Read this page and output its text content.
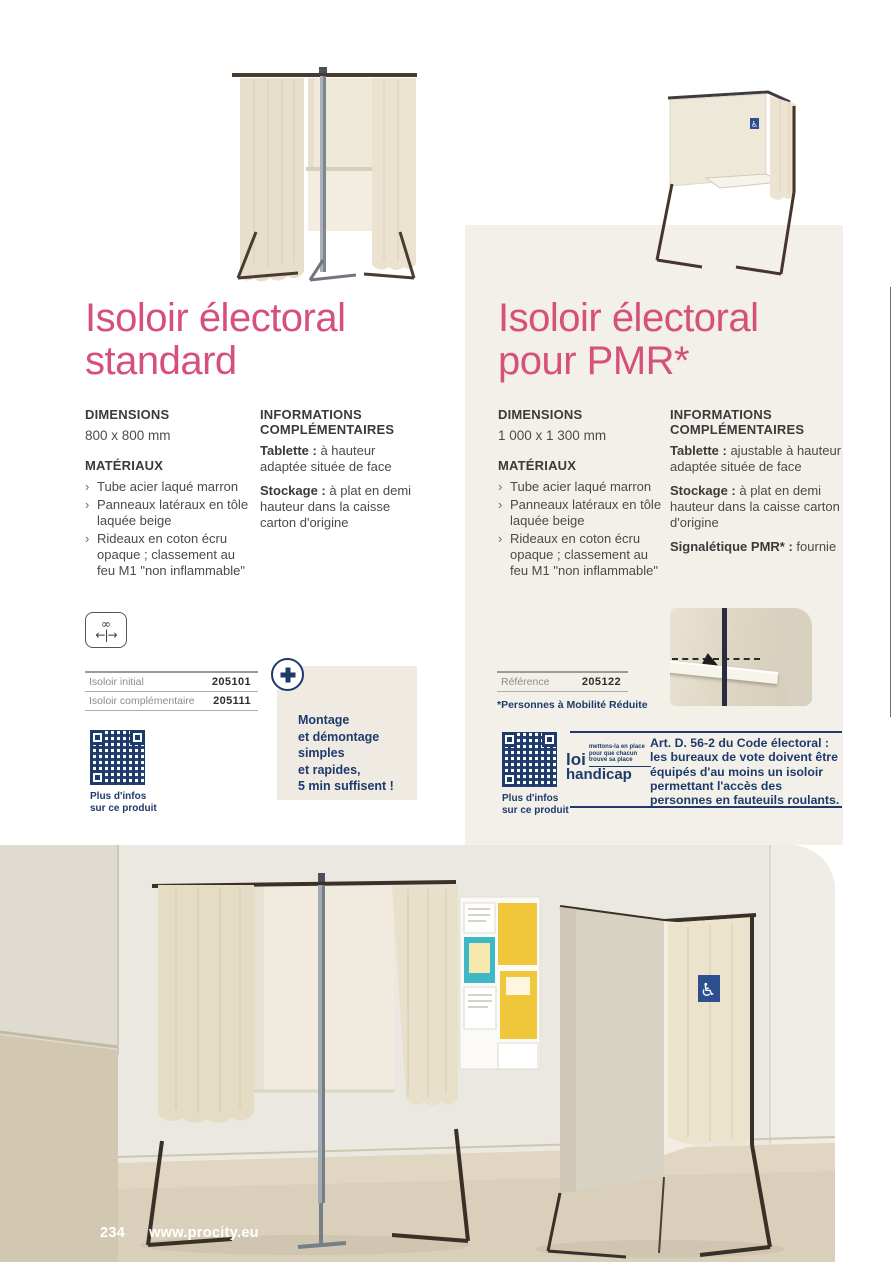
♿
Isoloir électoral
standard
Isoloir électoral
pour PMR*
DIMENSIONS
800 x 800 mm
MATÉRIAUX
› Tube acier laqué marron
› Panneaux latéraux en tôle laquée beige
› Rideaux en coton écru opaque ; classement au feu M1 "non inflammable"
INFORMATIONS COMPLÉMENTAIRES

Tablette : à hauteur adaptée située de face

Stockage : à plat en demi hauteur dans la caisse carton d'origine

DIMENSIONS
1 000 x 1 300 mm
MATÉRIAUX
› Tube acier laqué marron
› Panneaux latéraux en tôle laquée beige
› Rideaux en coton écru opaque ; classement au feu M1 "non inflammable"
INFORMATIONS COMPLÉMENTAIRES

Tablette : ajustable à hauteur adaptée située de face

Stockage : à plat en demi hauteur dans la caisse carton d'origine

Signalétique PMR* : fournie

∞
←|→
Isoloir initial	205101
Isoloir complémentaire 205111
Référence	205122
*Personnes à Mobilité Réduite
Montage
et démontage
simples
et rapides,
5 min suffisent !
Plus d'infos
sur ce produit
Plus d'infos
sur ce produit
loi
mettons-la en place pour que chacun trouve sa place
handicap
Art. D. 56-2 du Code électoral : les bureaux de vote doivent être équipés d'au moins un isoloir permettant l'accès des personnes en fauteuils roulants.
♿
234 www.procity.eu
